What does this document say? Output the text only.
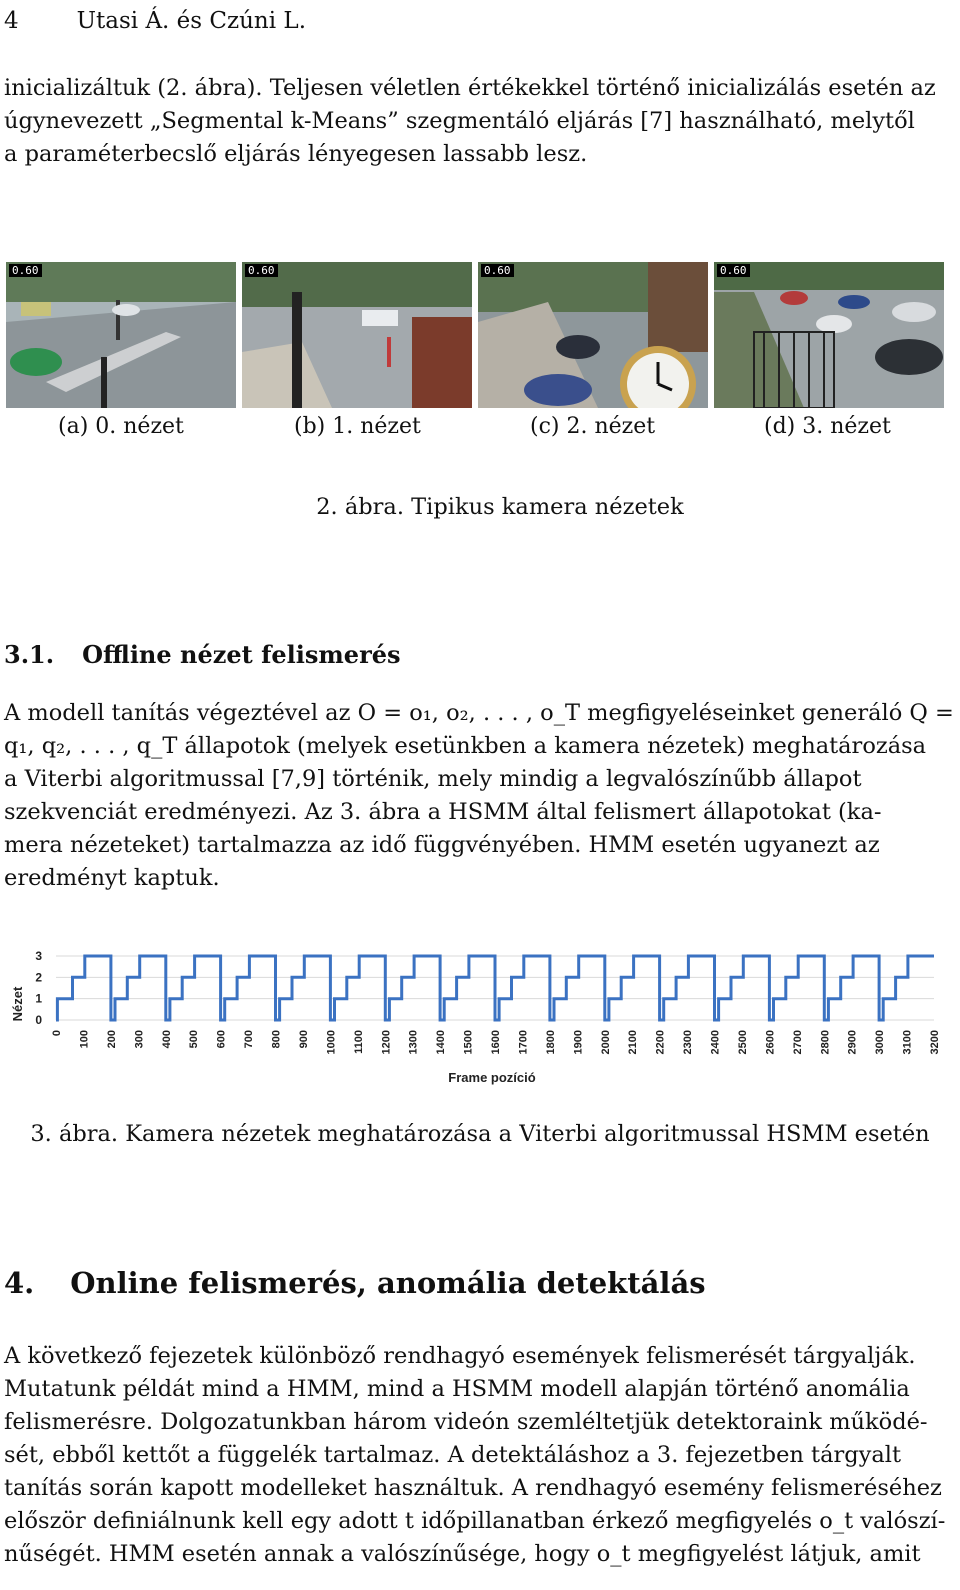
4	Utasi Á. és Czúni L.
inicializáltuk (2. ábra). Teljesen véletlen értékekkel történő inicializálás esetén az
úgynevezett „Segmental k-Means” szegmentáló eljárás [7] használható, melytől
a paraméterbecslő eljárás lényegesen lassabb lesz.
0.60	0.60	0.60	0.60
(a) 0. nézet	(b) 1. nézet	(c) 2. nézet	(d) 3. nézet
2. ábra. Tipikus kamera nézetek
3.1. Offline nézet felismerés
A modell tanítás végeztével az O = o₁, o₂, . . . , o_T megfigyeléseinket generáló Q =
q₁, q₂, . . . , q_T állapotok (melyek esetünkben a kamera nézetek) meghatározása
a Viterbi algoritmussal [7,9] történik, mely mindig a legvalószínűbb állapot
szekvenciát eredményezi. Az 3. ábra a HSMM által felismert állapotokat (ka-
mera nézeteket) tartalmazza az idő függvényében. HMM esetén ugyanezt az
eredményt kaptuk.
0
1
2
3
0 100 200 300 400 500 600 700 800 900 1000 1100 1200 1300 1400 1500 1600 1700 1800 1900 2000 2100 2200 2300 2400 2500 2600 2700 2800 2900 3000 3100 3200
Nézet
Frame pozíció
3. ábra. Kamera nézetek meghatározása a Viterbi algoritmussal HSMM esetén
4. Online felismerés, anomália detektálás
A következő fejezetek különböző rendhagyó események felismerését tárgyalják.
Mutatunk példát mind a HMM, mind a HSMM modell alapján történő anomália
felismerésre. Dolgozatunkban három videón szemléltetjük detektoraink működé-
sét, ebből kettőt a függelék tartalmaz. A detektáláshoz a 3. fejezetben tárgyalt
tanítás során kapott modelleket használtuk. A rendhagyó esemény felismeréséhez
először definiálnunk kell egy adott t időpillanatban érkező megfigyelés o_t valószí-
nűségét. HMM esetén annak a valószínűsége, hogy o_t megfigyelést látjuk, amit
